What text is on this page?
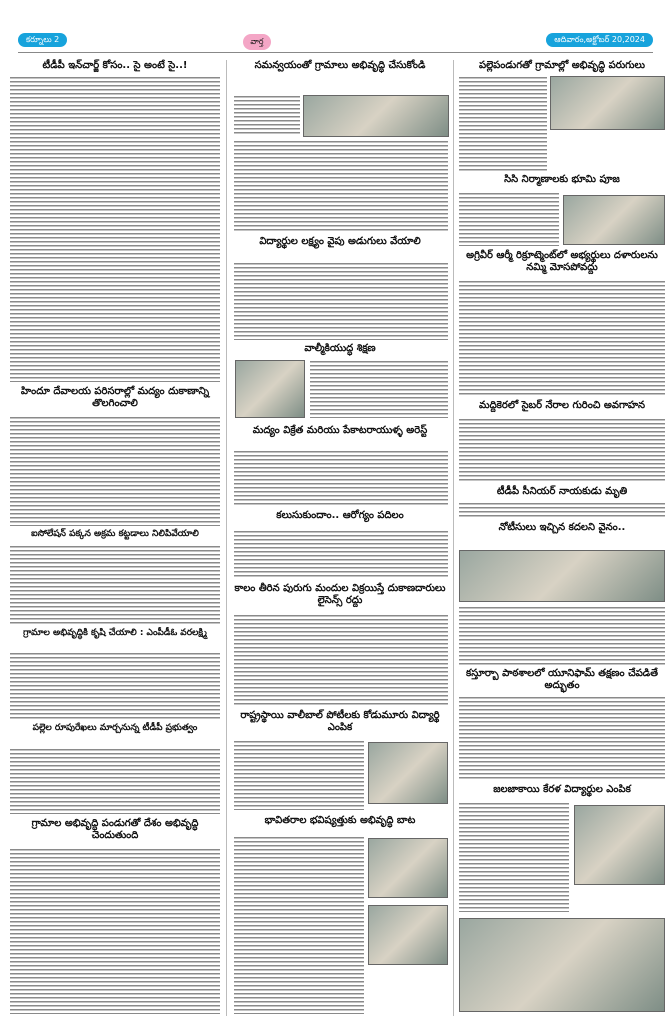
కర్నూలు 2	వార్త	ఆదివారం,అక్టోబర్ 20,2024
టీడీపీ ఇన్‌చార్జ్ కోసం.. సై అంటే సై..!
హిందూ దేవాలయ పరిసరాల్లో మద్యం దుకాణాన్ని తొలగించాలి
ఐసోలేషన్ పక్కన అక్రమ కట్టడాలు నిలిపివేయాలి
గ్రామాల అభివృద్ధికి కృషి చేయాలి : ఎంపీడీఓ వరలక్ష్మి
పల్లెల రూపురేఖలు మార్చనున్న టీడీపీ ప్రభుత్వం
గ్రామాల అభివృద్ధి పండుగతో దేశం అభివృద్ధి చెందుతుంది
సమన్వయంతో గ్రామాలు అభివృద్ధి చేసుకోండి
విద్యార్థుల లక్ష్యం వైపు అడుగులు వేయాలి
వాల్మీకియుద్ధ శిక్షణ
మద్యం విక్రేత మరియు పేకాటరాయుళ్ళ అరెస్ట్
కలుసుకుందాం.. ఆరోగ్యం పదిలం
కాలం తీరిన పురుగు మందుల విక్రయిస్తే దుకాణదారులు లైసెన్స్ రద్దు
రాష్ట్రస్థాయి వాలీబాల్ పోటీలకు కోడుమూరు విద్యార్థి ఎంపిక
భావితరాల భవిష్యత్తుకు అభివృద్ధి బాట
పల్లెపండుగతో గ్రామాల్లో అభివృద్ధి పరుగులు
సిసి నిర్మాణాలకు భూమి పూజ
అగ్రివీర్ ఆర్మీ రిక్రూట్మెంట్‌లో అభ్యర్థులు దళారులను నమ్మి మోసపోవద్దు
మద్దికెరలో సైబర్ నేరాల గురించి అవగాహన
టీడీపీ సీనియర్ నాయకుడు మృతి
నోటీసులు ఇచ్చిన కదలని వైనం..
కస్తూర్బా పాఠశాలలో యూనిఫామ్ తక్షణం చేపడితే అద్భుతం
జలజాకాయి కేరళ విద్యార్థుల ఎంపిక
